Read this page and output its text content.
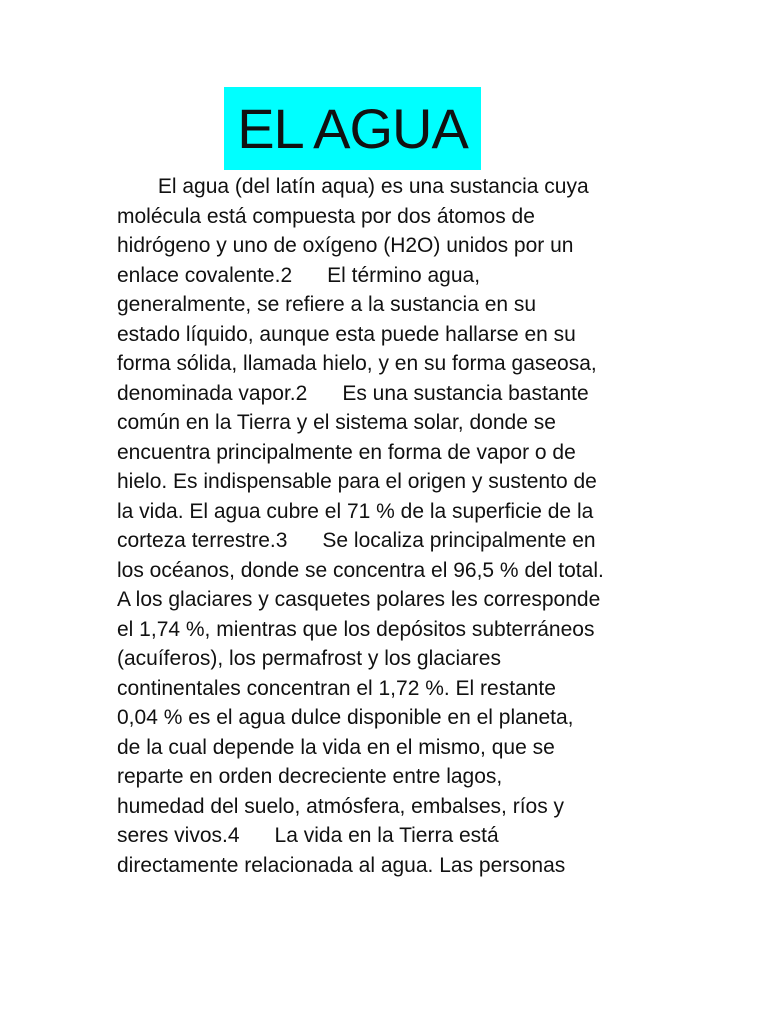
EL AGUA
El agua (del latín aqua) es una sustancia cuya
molécula está compuesta por dos átomos de
hidrógeno y uno de oxígeno (H2O) unidos por un
enlace covalente.2      El término agua,
generalmente, se refiere a la sustancia en su
estado líquido, aunque esta puede hallarse en su
forma sólida, llamada hielo, y en su forma gaseosa,
denominada vapor.2      Es una sustancia bastante
común en la Tierra y el sistema solar, donde se
encuentra principalmente en forma de vapor o de
hielo. Es indispensable para el origen y sustento de
la vida. El agua cubre el 71 % de la superficie de la
corteza terrestre.3      Se localiza principalmente en
los océanos, donde se concentra el 96,5 % del total.
A los glaciares y casquetes polares les corresponde
el 1,74 %, mientras que los depósitos subterráneos
(acuíferos), los permafrost y los glaciares
continentales concentran el 1,72 %. El restante
0,04 % es el agua dulce disponible en el planeta,
de la cual depende la vida en el mismo, que se
reparte en orden decreciente entre lagos,
humedad del suelo, atmósfera, embalses, ríos y
seres vivos.4      La vida en la Tierra está
directamente relacionada al agua. Las personas
